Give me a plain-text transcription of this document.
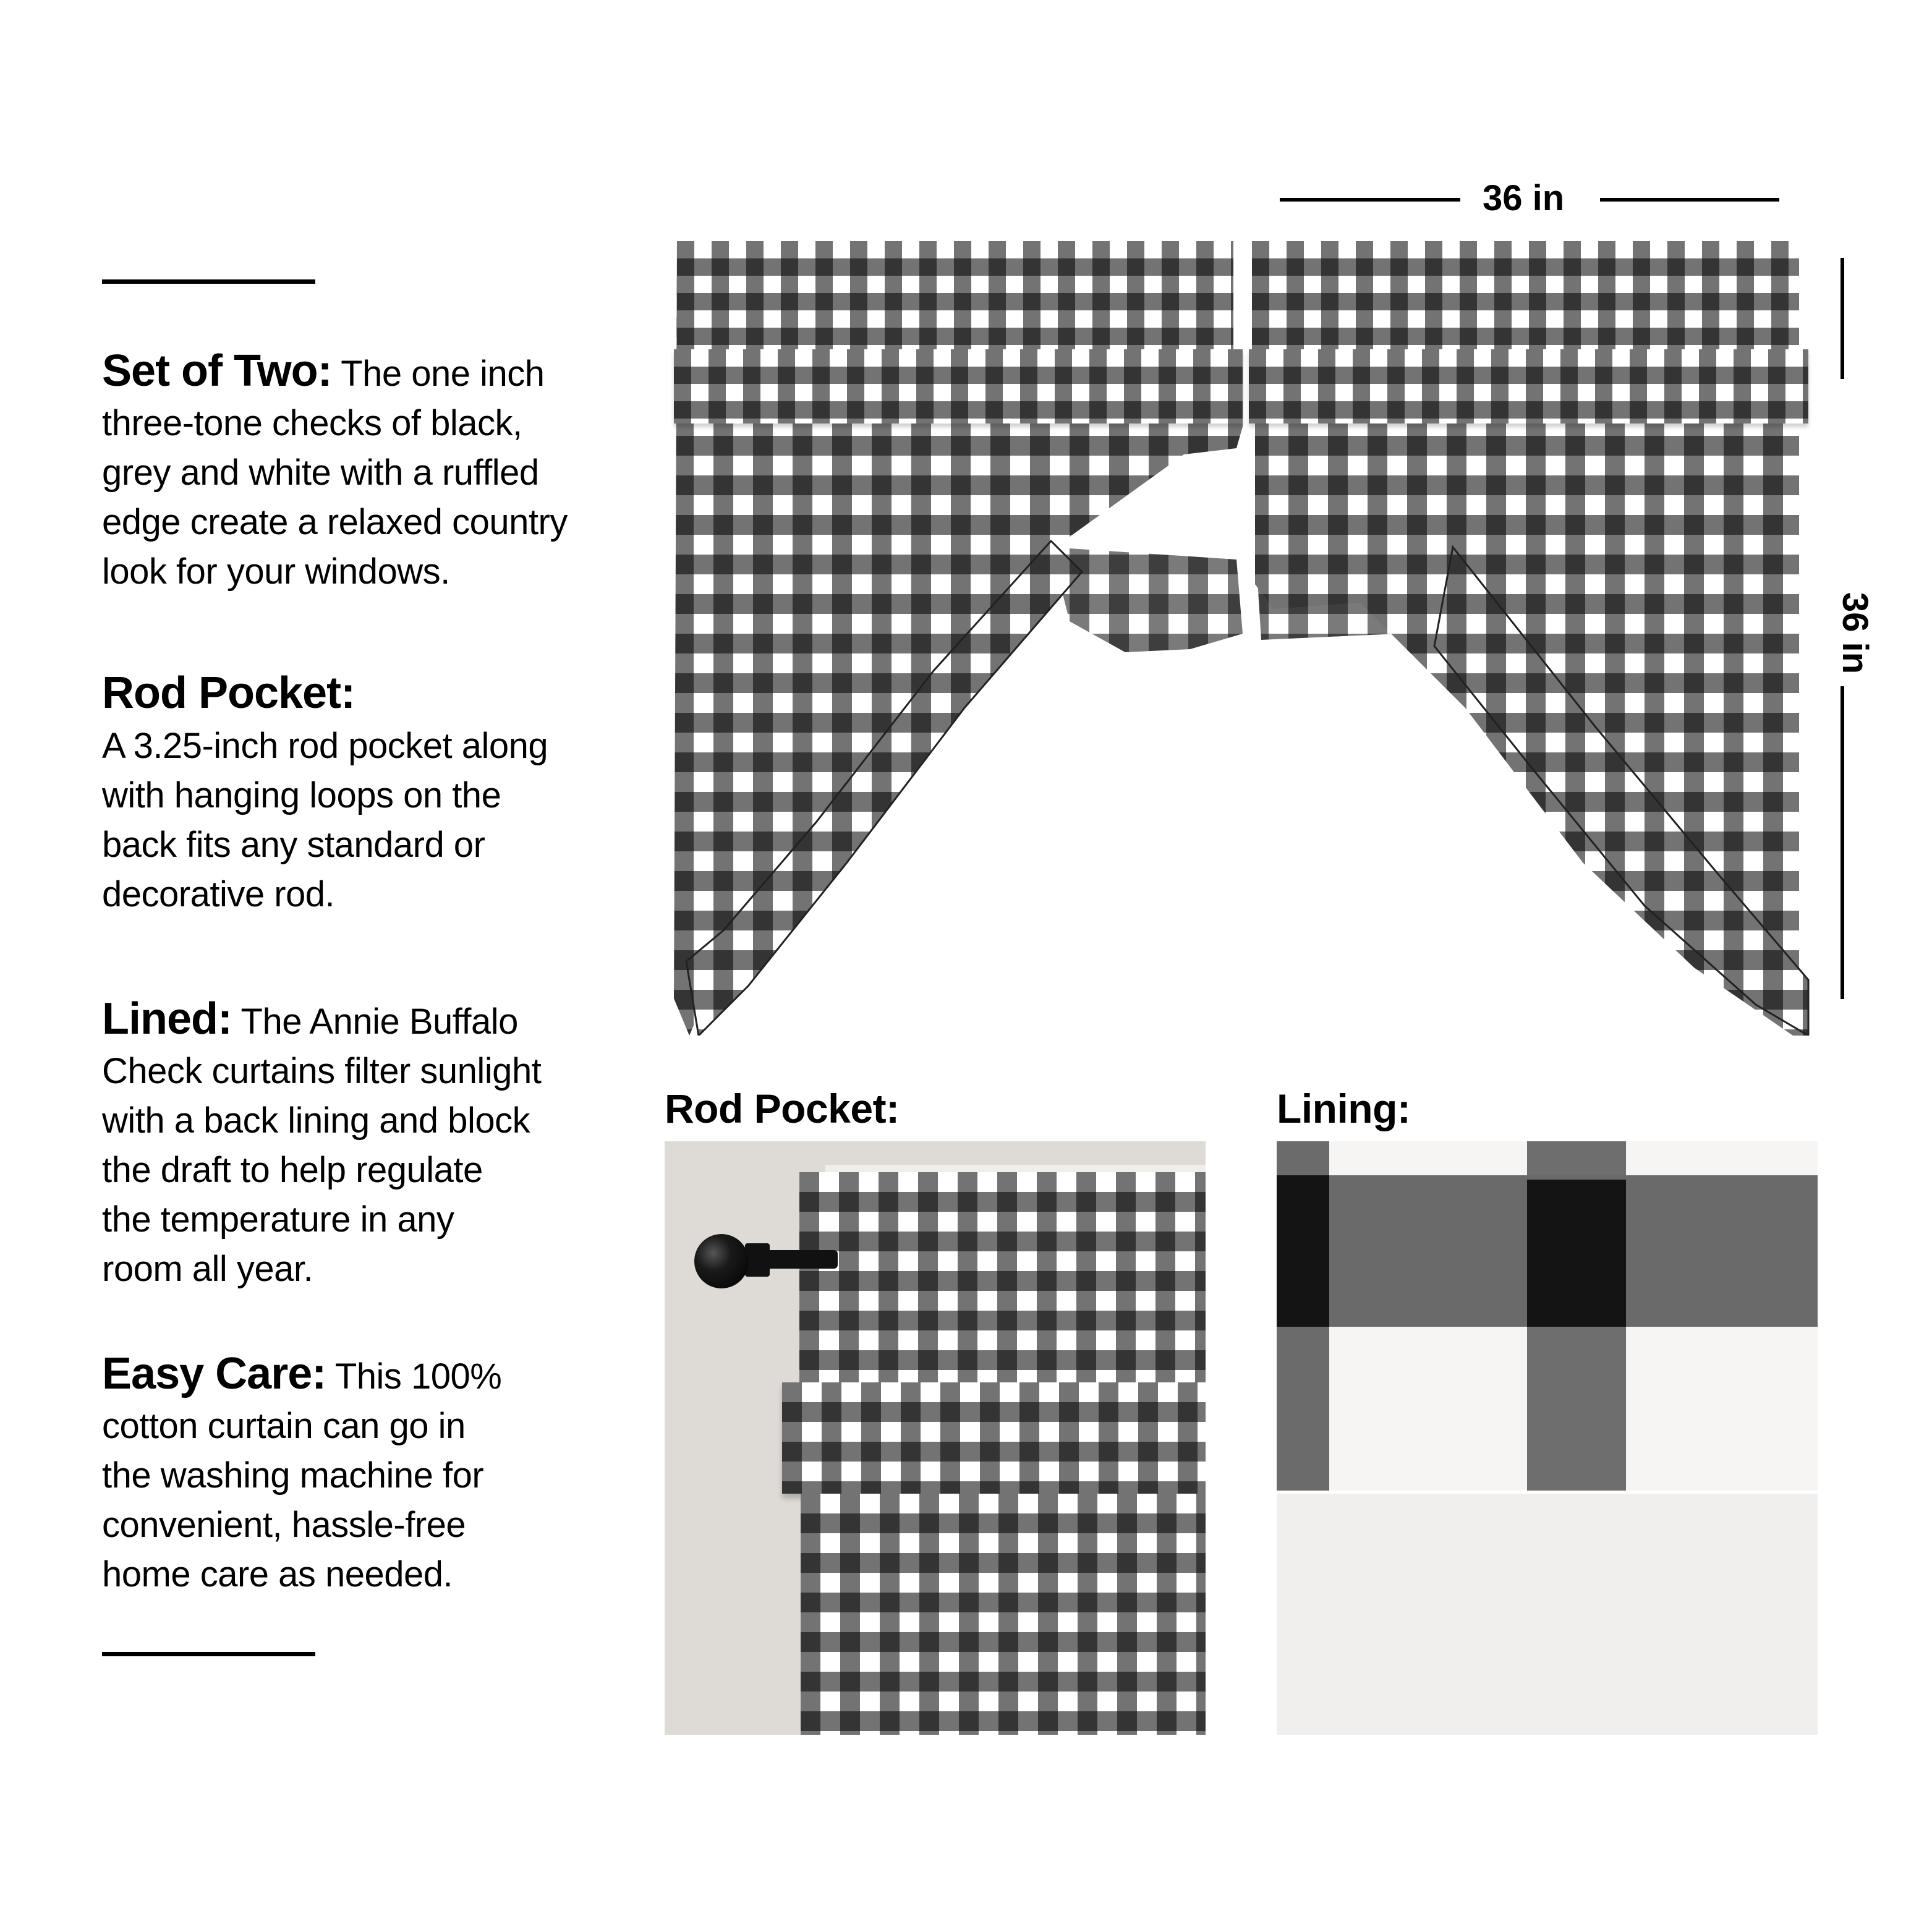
Set of Two: The one inch
three-tone checks of black,
grey and white with a ruffled
edge create a relaxed country
look for your windows.
Rod Pocket:
A 3.25-inch rod pocket along
with hanging loops on the
back fits any standard or
decorative rod.
Lined: The Annie Buffalo
Check curtains filter sunlight
with a back lining and block
the draft to help regulate
the temperature in any
room all year.
Easy Care: This 100%
cotton curtain can go in
the washing machine for
convenient, hassle-free
home care as needed.
36 in
36 in
Rod Pocket:	Lining:
